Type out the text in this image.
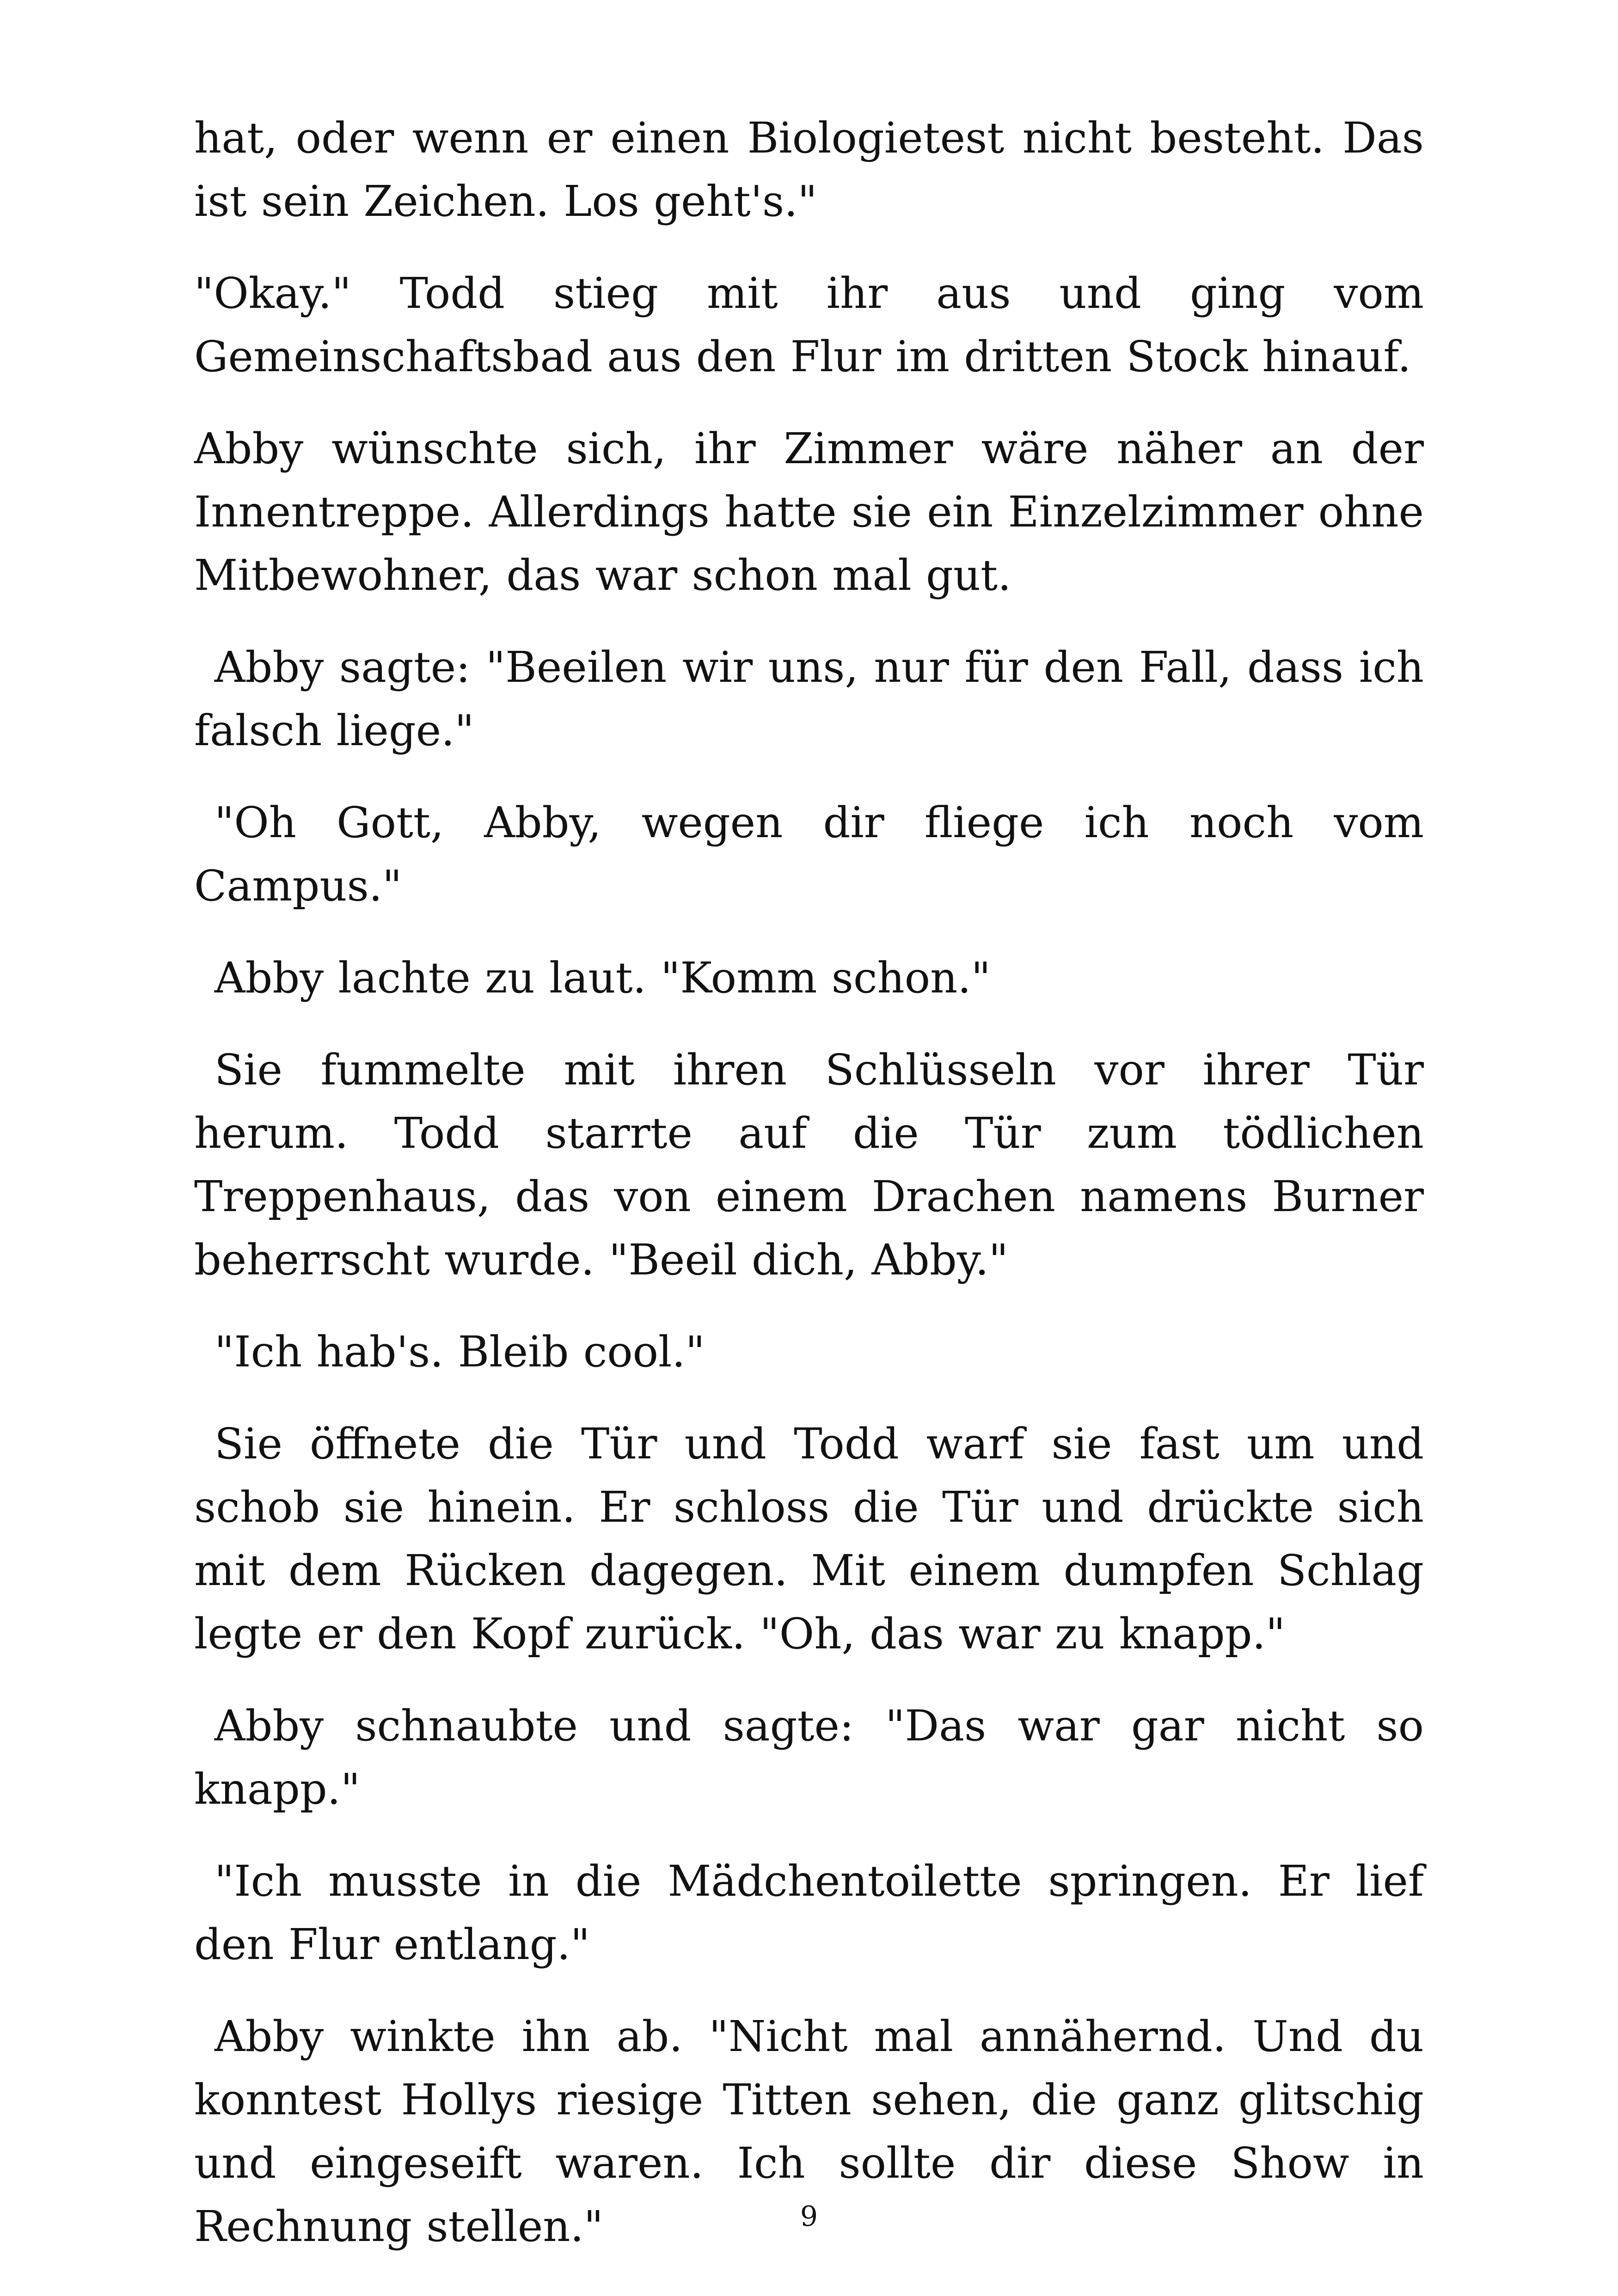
hat, oder wenn er einen Biologietest nicht besteht. Das ist sein Zeichen. Los geht's."

"Okay." Todd stieg mit ihr aus und ging vom Gemeinschaftsbad aus den Flur im dritten Stock hinauf.

Abby wünschte sich, ihr Zimmer wäre näher an der Innentreppe. Allerdings hatte sie ein Einzelzimmer ohne Mitbewohner, das war schon mal gut.

Abby sagte: "Beeilen wir uns, nur für den Fall, dass ich falsch liege."

"Oh Gott, Abby, wegen dir fliege ich noch vom Campus."

Abby lachte zu laut. "Komm schon."

Sie fummelte mit ihren Schlüsseln vor ihrer Tür herum. Todd starrte auf die Tür zum tödlichen Treppenhaus, das von einem Drachen namens Burner beherrscht wurde. "Beeil dich, Abby."

"Ich hab's. Bleib cool."

Sie öffnete die Tür und Todd warf sie fast um und schob sie hinein. Er schloss die Tür und drückte sich mit dem Rücken dagegen. Mit einem dumpfen Schlag legte er den Kopf zurück. "Oh, das war zu knapp."

Abby schnaubte und sagte: "Das war gar nicht so knapp."

"Ich musste in die Mädchentoilette springen. Er lief den Flur entlang."

Abby winkte ihn ab. "Nicht mal annähernd. Und du konntest Hollys riesige Titten sehen, die ganz glitschig und eingeseift waren. Ich sollte dir diese Show in Rechnung stellen."	9
